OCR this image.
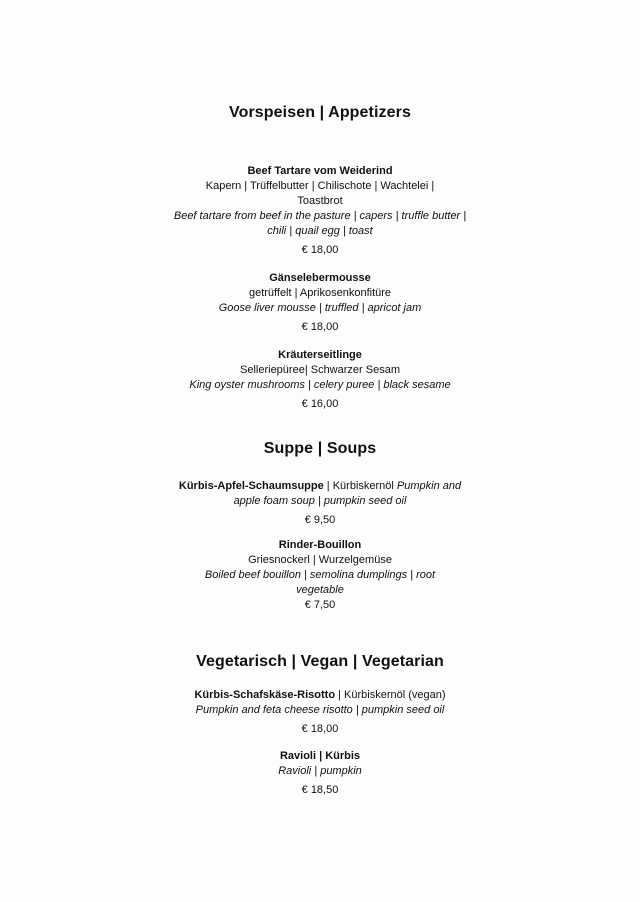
Vorspeisen | Appetizers
Beef Tartare vom Weiderind
Kapern | Trüffelbutter | Chilischote | Wachtelei | Toastbrot
Beef tartare from beef in the pasture | capers | truffle butter | chili | quail egg | toast
€ 18,00
Gänselebermousse
getrüffelt | Aprikosenkonfitüre
Goose liver mousse | truffled | apricot jam
€ 18,00
Kräuterseitlinge
Selleriepüree| Schwarzer Sesam
King oyster mushrooms | celery puree | black sesame
€ 16,00
Suppe | Soups
Kürbis-Apfel-Schaumsuppe | Kürbiskernöl Pumpkin and apple foam soup | pumpkin seed oil
€ 9,50
Rinder-Bouillon
Griesnockerl | Wurzelgemüse
Boiled beef bouillon | semolina dumplings | root vegetable
€ 7,50
Vegetarisch | Vegan | Vegetarian
Kürbis-Schafskäse-Risotto | Kürbiskernöl (vegan)
Pumpkin and feta cheese risotto | pumpkin seed oil
€ 18,00
Ravioli | Kürbis
Ravioli | pumpkin
€ 18,50
